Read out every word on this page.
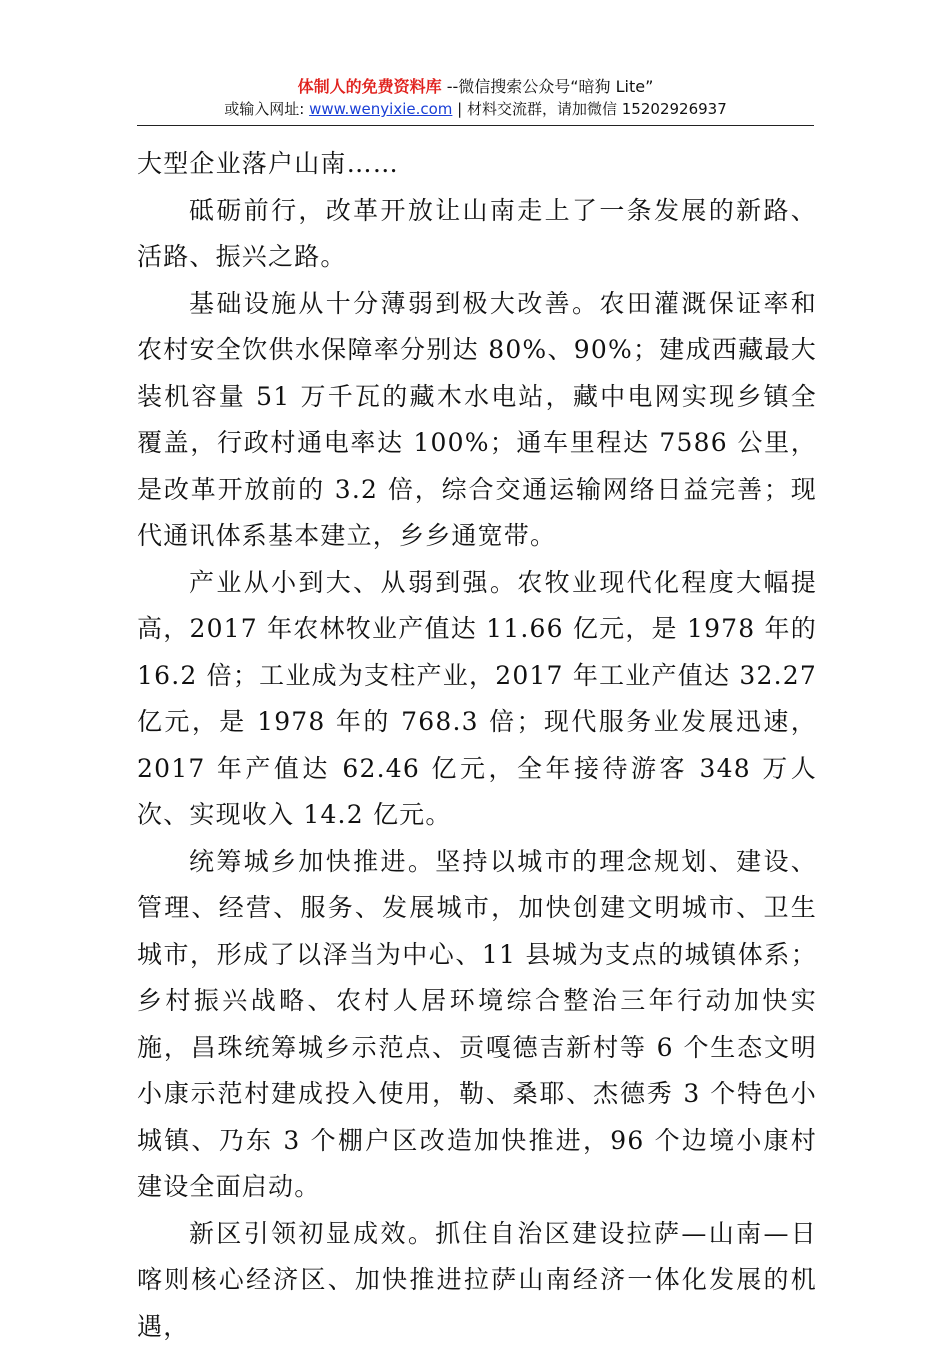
体制人的免费资料库 --微信搜索公众号“暗狗 Lite”
或输入网址: www.wenyixie.com | 材料交流群，请加微信 15202926937

大型企业落户山南……

砥砺前行，改革开放让山南走上了一条发展的新路、活路、振兴之路。

基础设施从十分薄弱到极大改善。农田灌溉保证率和农村安全饮供水保障率分别达 80%、90%；建成西藏最大装机容量 51 万千瓦的藏木水电站，藏中电网实现乡镇全覆盖，行政村通电率达 100%；通车里程达 7586 公里，是改革开放前的 3.2 倍，综合交通运输网络日益完善；现代通讯体系基本建立，乡乡通宽带。

产业从小到大、从弱到强。农牧业现代化程度大幅提高，2017 年农林牧业产值达 11.66 亿元，是 1978 年的 16.2 倍；工业成为支柱产业，2017 年工业产值达 32.27 亿元，是 1978 年的 768.3 倍；现代服务业发展迅速，2017 年产值达 62.46 亿元，全年接待游客 348 万人次、实现收入 14.2 亿元。

统筹城乡加快推进。坚持以城市的理念规划、建设、管理、经营、服务、发展城市，加快创建文明城市、卫生城市，形成了以泽当为中心、11 县城为支点的城镇体系；乡村振兴战略、农村人居环境综合整治三年行动加快实施，昌珠统筹城乡示范点、贡嘎德吉新村等 6 个生态文明小康示范村建成投入使用，勒、桑耶、杰德秀 3 个特色小城镇、乃东 3 个棚户区改造加快推进，96 个边境小康村建设全面启动。

新区引领初显成效。抓住自治区建设拉萨—山南—日喀则核心经济区、加快推进拉萨山南经济一体化发展的机遇，
